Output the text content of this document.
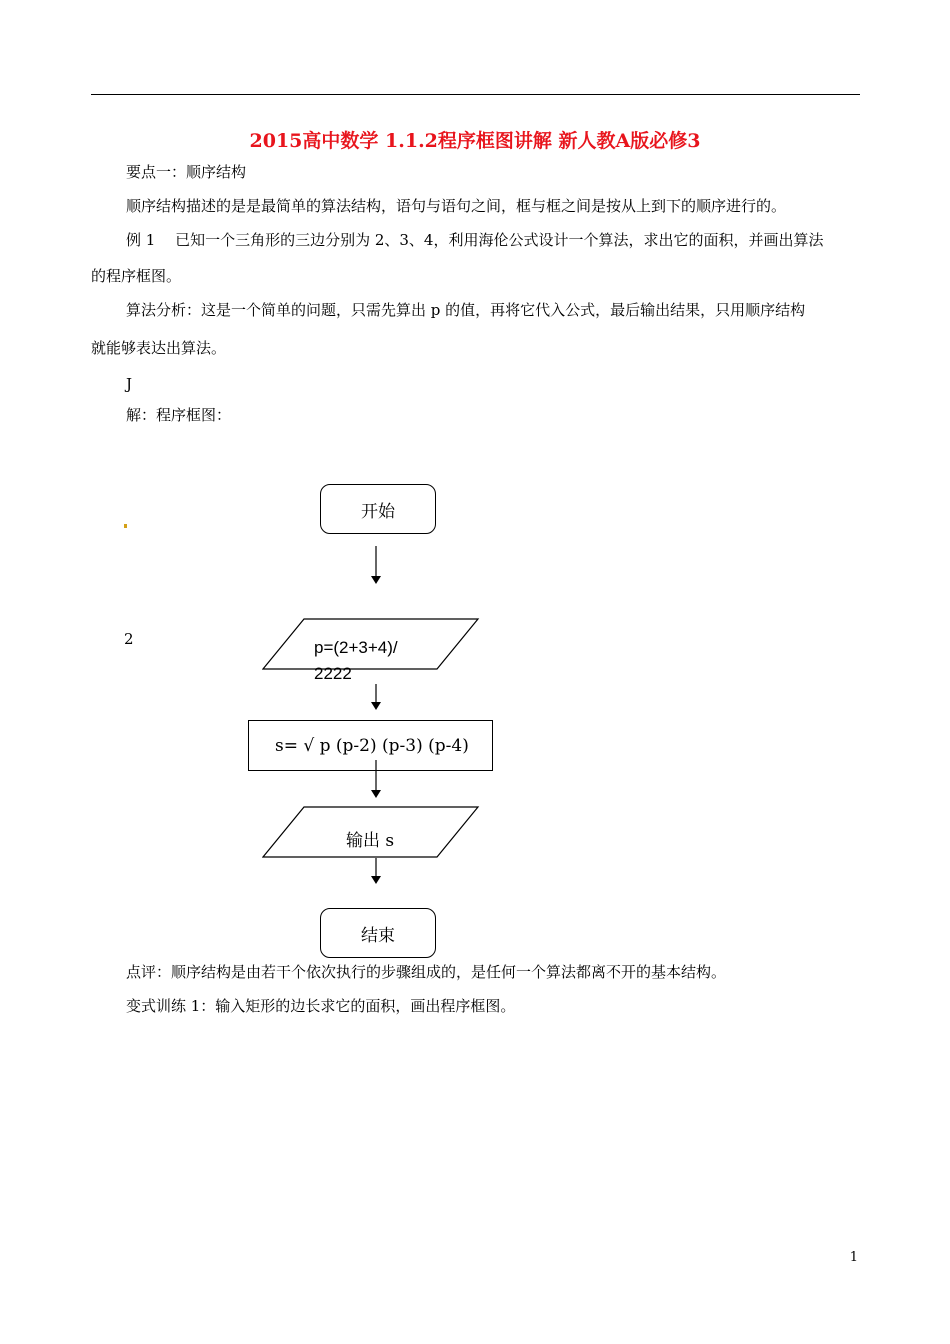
2015高中数学 1.1.2程序框图讲解 新人教A版必修3
要点一：顺序结构
顺序结构描述的是是最简单的算法结构，语句与语句之间，框与框之间是按从上到下的顺序进行的。
例 1　 已知一个三角形的三边分别为 2、3、4，利用海伦公式设计一个算法，求出它的面积，并画出算法
的程序框图。
算法分析：这是一个简单的问题，只需先算出 p 的值，再将它代入公式，最后输出结果，只用顺序结构
就能够表达出算法。
J
解：程序框图：
2
开始
p=(2+3+4)/
2222
s= √ p (p-2) (p-3) (p-4)
输出 s
结束
点评：顺序结构是由若干个依次执行的步骤组成的，是任何一个算法都离不开的基本结构。
变式训练 1：输入矩形的边长求它的面积，画出程序框图。
1
